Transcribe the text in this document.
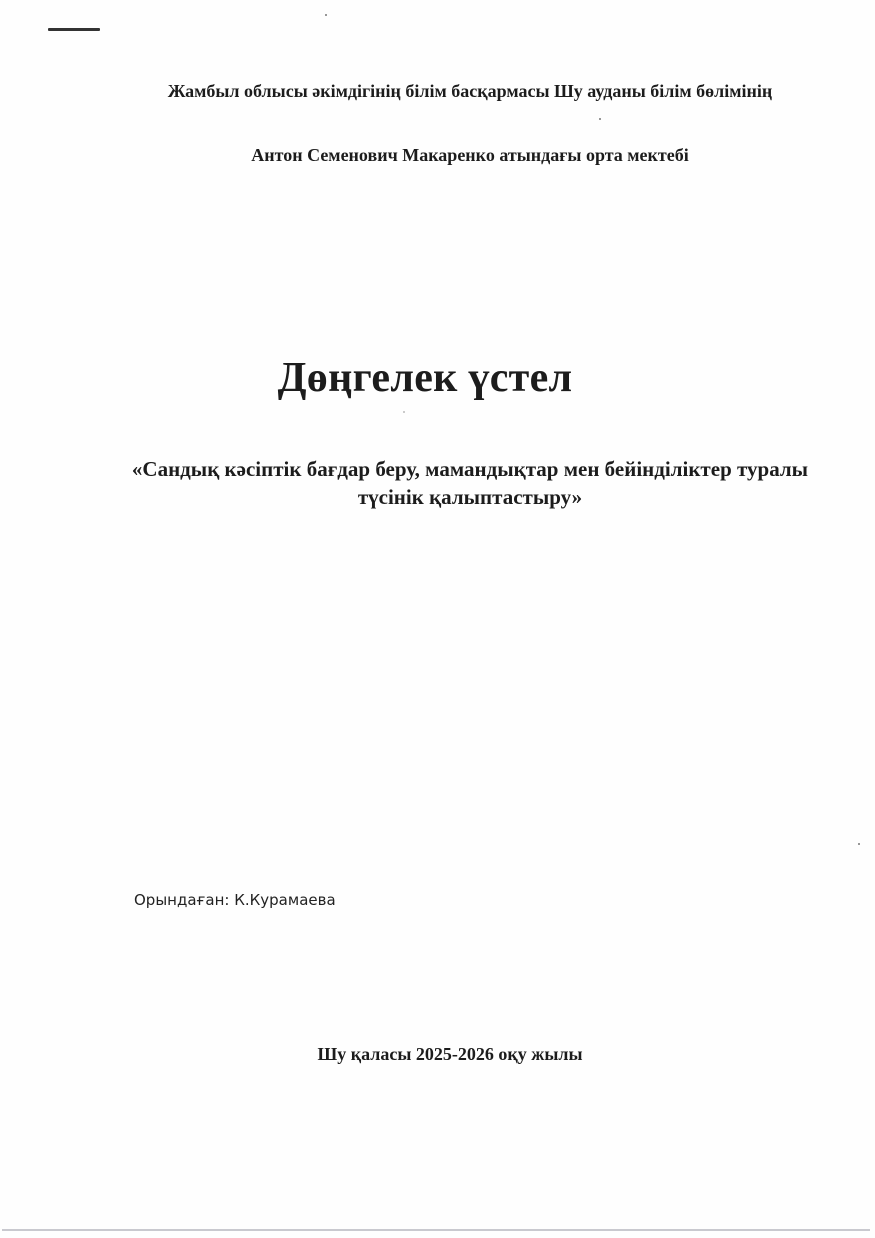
Жамбыл облысы әкімдігінің білім басқармасы Шу ауданы білім бөлімінің
Антон Семенович Макаренко атындағы орта мектебі
Дөңгелек үстел
«Сандық кәсіптік бағдар беру, мамандықтар мен бейінділіктер туралы түсінік қалыптастыру»
Орындаған: К.Курамаева
Шу қаласы 2025-2026 оқу жылы
